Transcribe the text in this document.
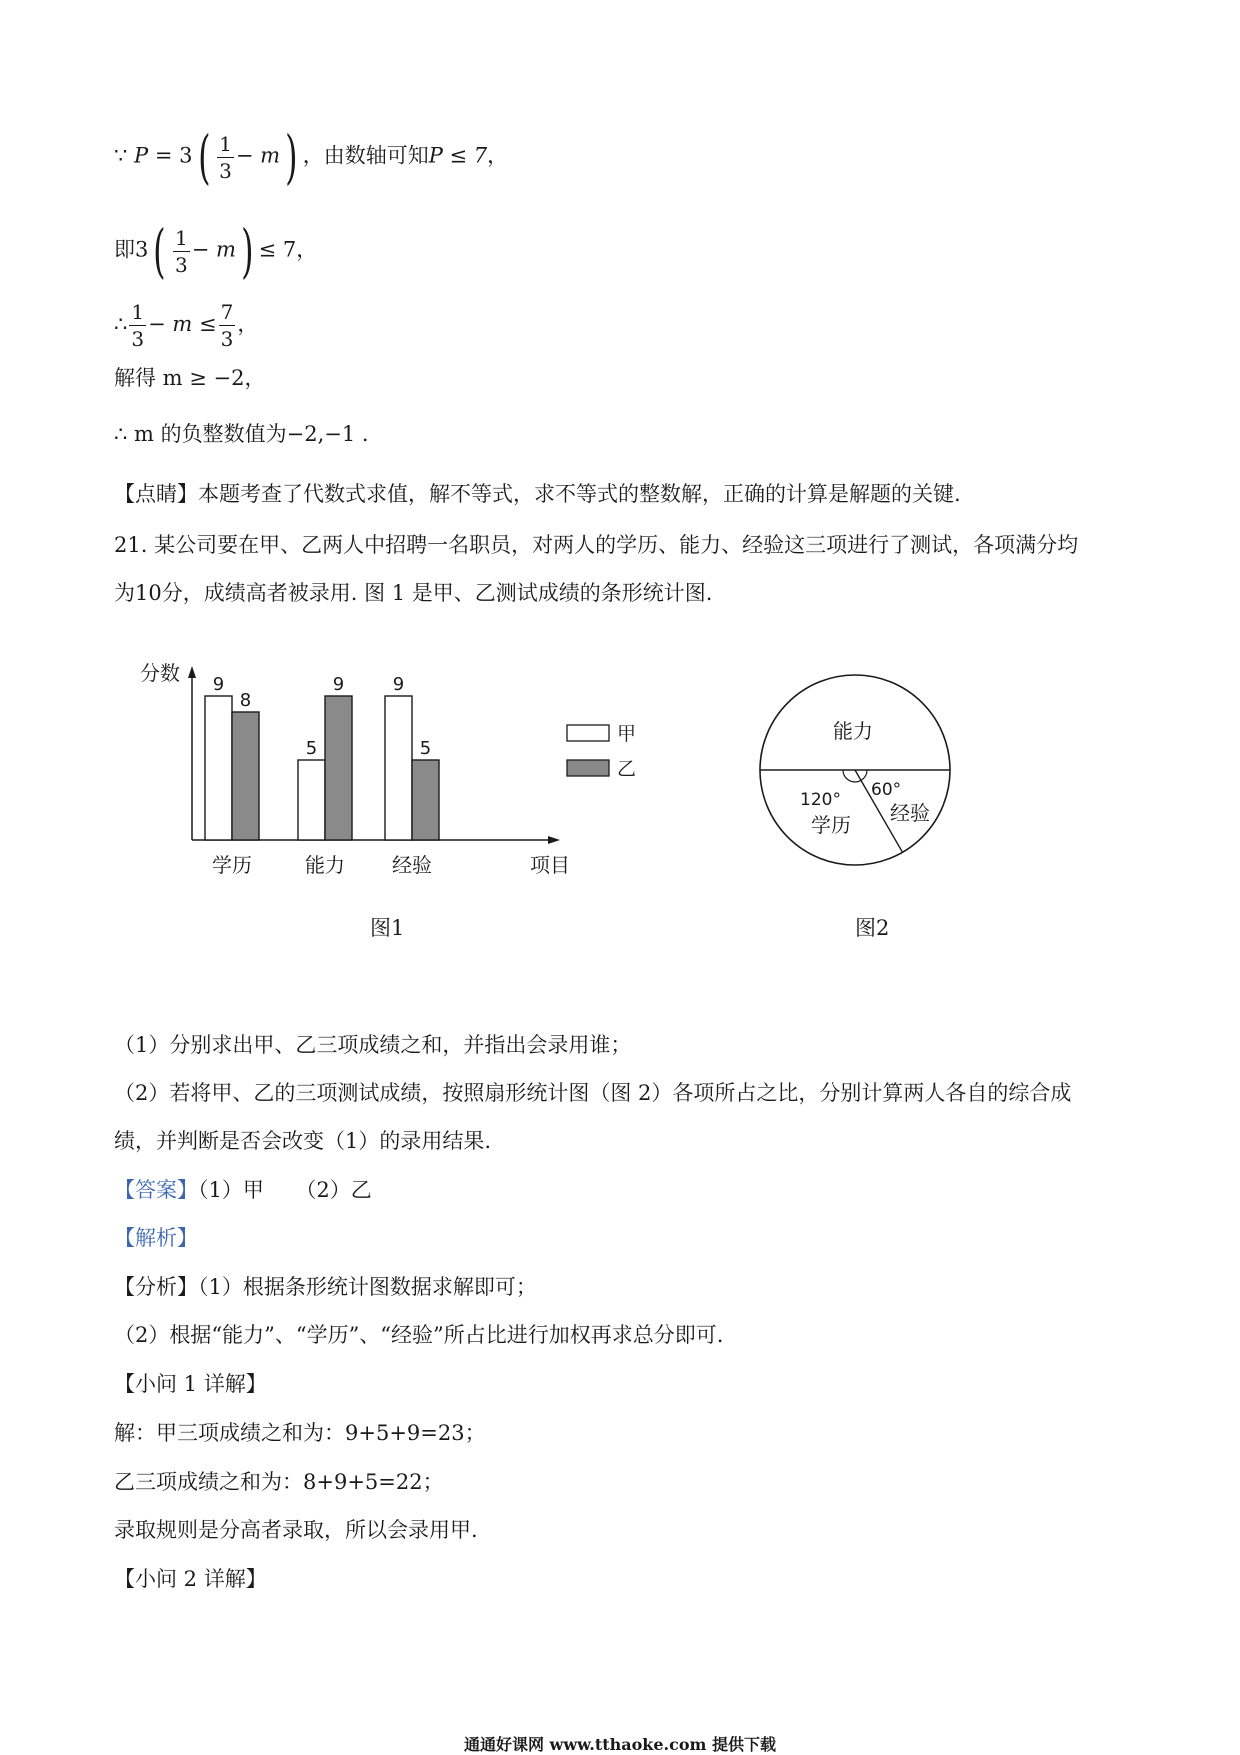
∵ $P = 3( \frac{1}{3} - m)$ ，由数轴可知P ≤ 7，
即$3( \frac{1}{3} - m) \le 7$，
∴ $\frac{1}{3} - m \le \frac{7}{3}$ ，
解得 m ≥ −2，
∴ m 的负整数值为−2,−1 .
【点睛】本题考查了代数式求值，解不等式，求不等式的整数解，正确的计算是解题的关键.
21. 某公司要在甲、乙两人中招聘一名职员，对两人的学历、能力、经验这三项进行了测试，各项满分均
为10分，成绩高者被录用. 图 1 是甲、乙测试成绩的条形统计图.
分数 9
8
5
9	9
5
学历	能力 经验	项目
甲
乙
图1
能力
120°
学历
60°
经验
图2
（1）分别求出甲、乙三项成绩之和，并指出会录用谁；
（2）若将甲、乙的三项测试成绩，按照扇形统计图（图 2）各项所占之比，分别计算两人各自的综合成
绩，并判断是否会改变（1）的录用结果.
【答案】（1）甲　　（2）乙
【解析】
【分析】（1）根据条形统计图数据求解即可；
（2）根据“能力”、“学历”、“经验”所占比进行加权再求总分即可.
【小问 1 详解】
解：甲三项成绩之和为：9+5+9=23；
乙三项成绩之和为：8+9+5=22；
录取规则是分高者录取，所以会录用甲.
【小问 2 详解】
通通好课网 www.tthaoke.com 提供下载
